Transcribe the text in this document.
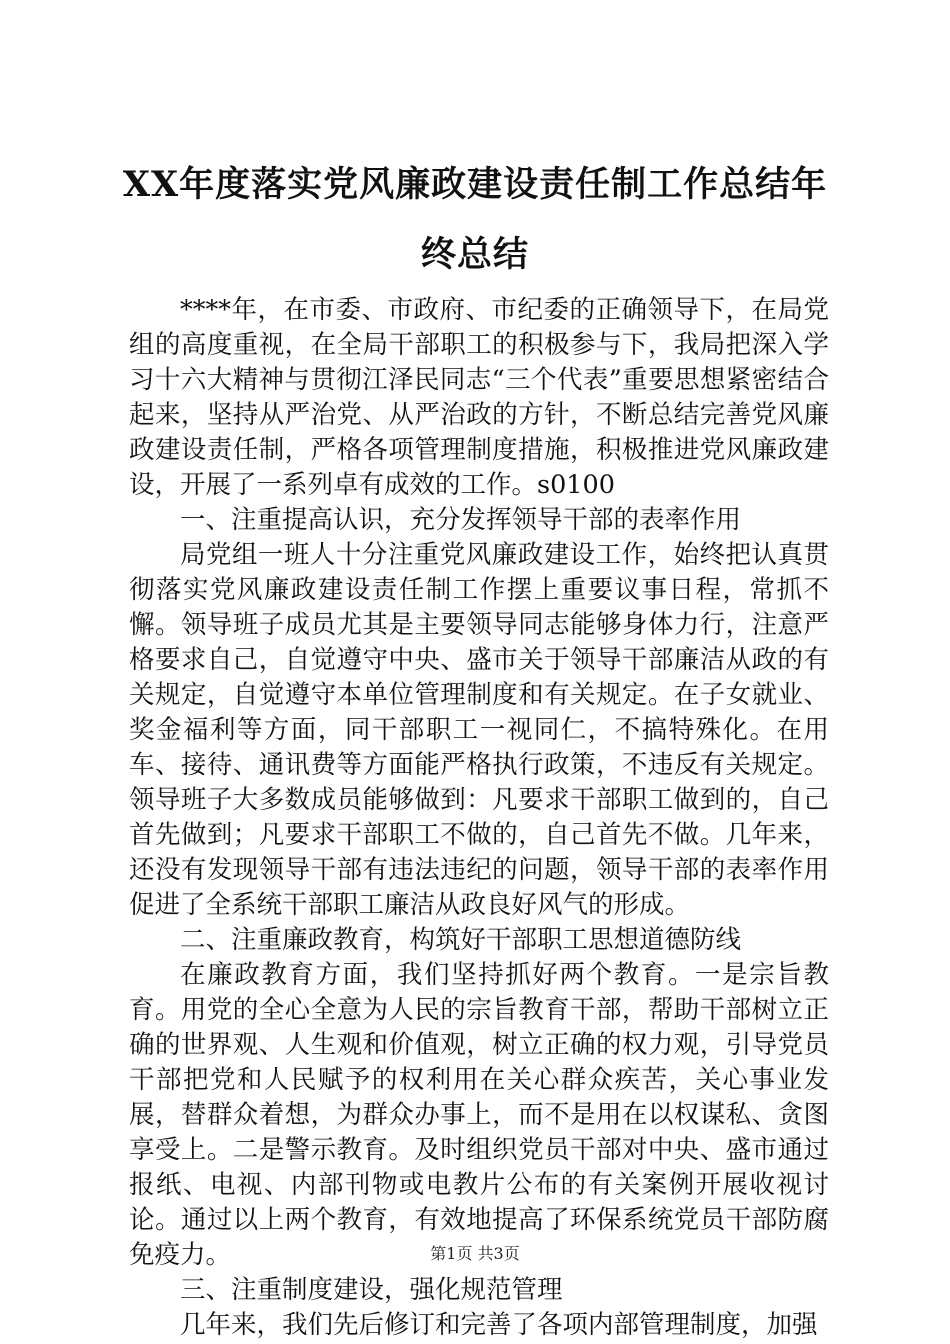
XX年度落实党风廉政建设责任制工作总结年终总结

****年，在市委、市政府、市纪委的正确领导下，在局党组的高度重视，在全局干部职工的积极参与下，我局把深入学习十六大精神与贯彻江泽民同志“三个代表”重要思想紧密结合起来，坚持从严治党、从严治政的方针，不断总结完善党风廉政建设责任制，严格各项管理制度措施，积极推进党风廉政建设，开展了一系列卓有成效的工作。s0100

一、注重提高认识，充分发挥领导干部的表率作用

局党组一班人十分注重党风廉政建设工作，始终把认真贯彻落实党风廉政建设责任制工作摆上重要议事日程，常抓不懈。领导班子成员尤其是主要领导同志能够身体力行，注意严格要求自己，自觉遵守中央、盛市关于领导干部廉洁从政的有关规定，自觉遵守本单位管理制度和有关规定。在子女就业、奖金福利等方面，同干部职工一视同仁，不搞特殊化。在用车、接待、通讯费等方面能严格执行政策，不违反有关规定。领导班子大多数成员能够做到：凡要求干部职工做到的，自己首先做到；凡要求干部职工不做的，自己首先不做。几年来，还没有发现领导干部有违法违纪的问题，领导干部的表率作用促进了全系统干部职工廉洁从政良好风气的形成。

二、注重廉政教育，构筑好干部职工思想道德防线

在廉政教育方面，我们坚持抓好两个教育。一是宗旨教育。用党的全心全意为人民的宗旨教育干部，帮助干部树立正确的世界观、人生观和价值观，树立正确的权力观，引导党员干部把党和人民赋予的权利用在关心群众疾苦，关心事业发展，替群众着想，为群众办事上，而不是用在以权谋私、贪图享受上。二是警示教育。及时组织党员干部对中央、盛市通过报纸、电视、内部刊物或电教片公布的有关案例开展收视讨论。通过以上两个教育，有效地提高了环保系统党员干部防腐免疫力。

三、注重制度建设，强化规范管理

几年来，我们先后修订和完善了各项内部管理制度，加强

第1页 共3页
